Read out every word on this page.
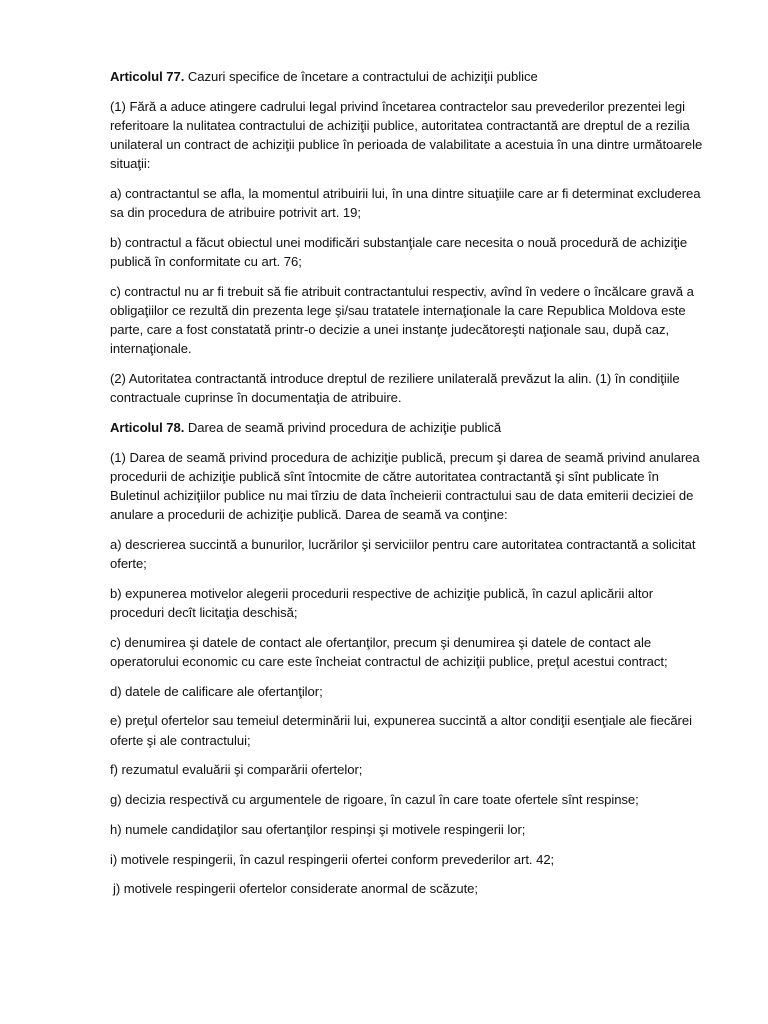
Articolul 77. Cazuri specifice de încetare a contractului de achiziţii publice

(1) Fără a aduce atingere cadrului legal privind încetarea contractelor sau prevederilor prezentei legi referitoare la nulitatea contractului de achiziţii publice, autoritatea contractantă are dreptul de a rezilia unilateral un contract de achiziţii publice în perioada de valabilitate a acestuia în una dintre următoarele situaţii:

a) contractantul se afla, la momentul atribuirii lui, în una dintre situaţiile care ar fi determinat excluderea sa din procedura de atribuire potrivit art. 19;

b) contractul a făcut obiectul unei modificări substanţiale care necesita o nouă procedură de achiziţie publică în conformitate cu art. 76;

c) contractul nu ar fi trebuit să fie atribuit contractantului respectiv, avînd în vedere o încălcare gravă a obligaţiilor ce rezultă din prezenta lege şi/sau tratatele internaţionale la care Republica Moldova este parte, care a fost constatată printr-o decizie a unei instanţe judecătoreşti naţionale sau, după caz, internaţionale.

(2) Autoritatea contractantă introduce dreptul de reziliere unilaterală prevăzut la alin. (1) în condiţiile contractuale cuprinse în documentaţia de atribuire.

Articolul 78. Darea de seamă privind procedura de achiziţie publică

(1) Darea de seamă privind procedura de achiziţie publică, precum şi darea de seamă privind anularea procedurii de achiziţie publică sînt întocmite de către autoritatea contractantă şi sînt publicate în Buletinul achiziţiilor publice nu mai tîrziu de data încheierii contractului sau de data emiterii deciziei de anulare a procedurii de achiziţie publică. Darea de seamă va conţine:

a) descrierea succintă a bunurilor, lucrărilor şi serviciilor pentru care autoritatea contractantă a solicitat oferte;

b) expunerea motivelor alegerii procedurii respective de achiziţie publică, în cazul aplicării altor proceduri decît licitaţia deschisă;

c) denumirea şi datele de contact ale ofertanţilor, precum şi denumirea şi datele de contact ale operatorului economic cu care este încheiat contractul de achiziţii publice, preţul acestui contract;

d) datele de calificare ale ofertanţilor;

e) preţul ofertelor sau temeiul determinării lui, expunerea succintă a altor condiţii esenţiale ale fiecărei oferte şi ale contractului;

f) rezumatul evaluării şi comparării ofertelor;

g) decizia respectivă cu argumentele de rigoare, în cazul în care toate ofertele sînt respinse;

h) numele candidaţilor sau ofertanţilor respinşi şi motivele respingerii lor;

i) motivele respingerii, în cazul respingerii ofertei conform prevederilor art. 42;

j) motivele respingerii ofertelor considerate anormal de scăzute;
